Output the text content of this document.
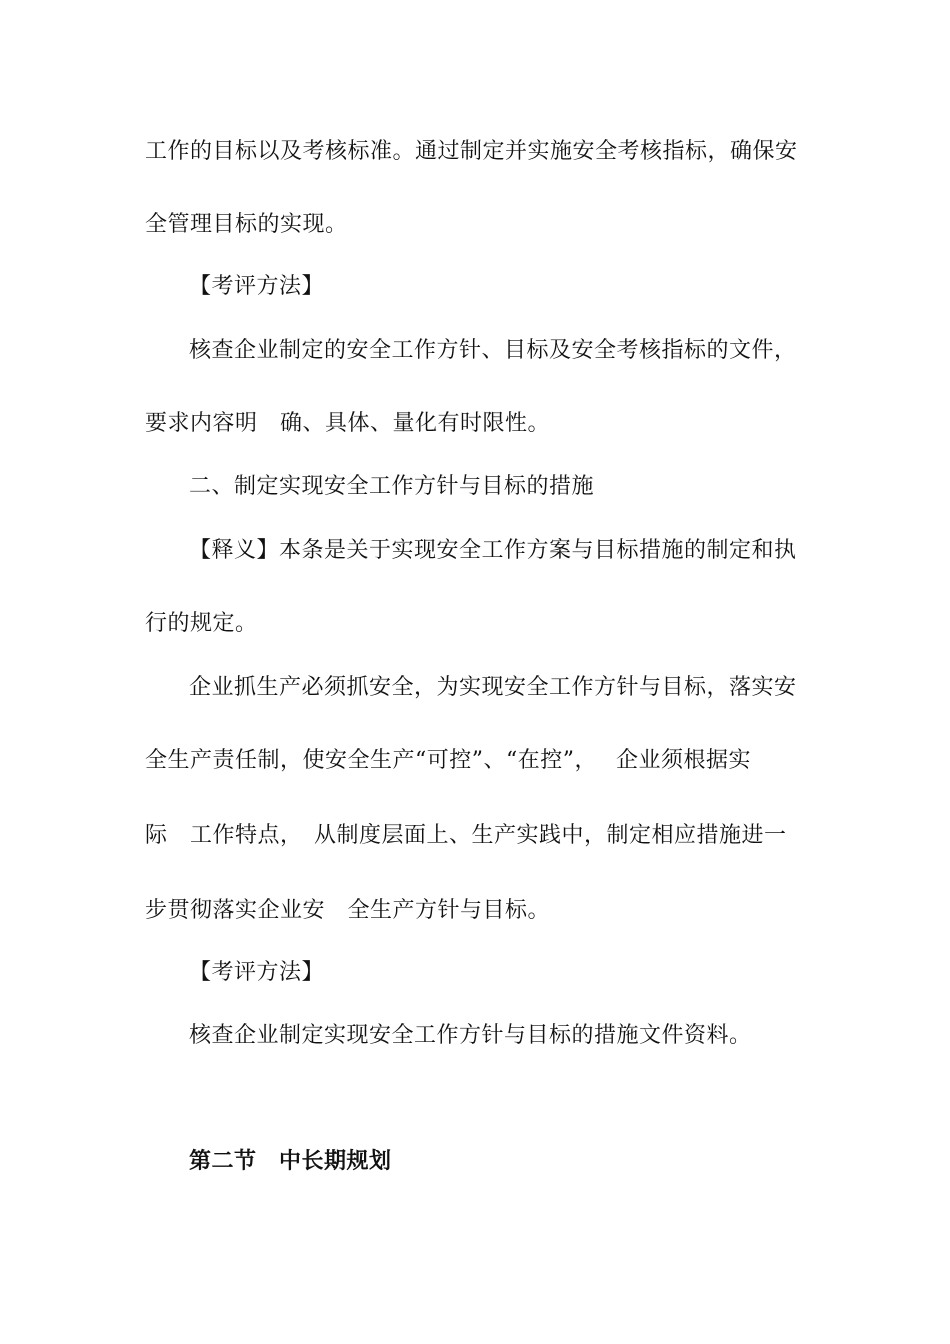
工作的目标以及考核标准。通过制定并实施安全考核指标，确保安
全管理目标的实现。
【考评方法】
核查企业制定的安全工作方针、目标及安全考核指标的文件，
要求内容明　确、具体、量化有时限性。
二、制定实现安全工作方针与目标的措施
【释义】本条是关于实现安全工作方案与目标措施的制定和执
行的规定。
企业抓生产必须抓安全，为实现安全工作方针与目标，落实安
全生产责任制，使安全生产“可控”、“在控”，　 企业须根据实
际　工作特点，　从制度层面上、生产实践中，制定相应措施进一
步贯彻落实企业安　全生产方针与目标。
【考评方法】
核查企业制定实现安全工作方针与目标的措施文件资料。
第二节　中长期规划
